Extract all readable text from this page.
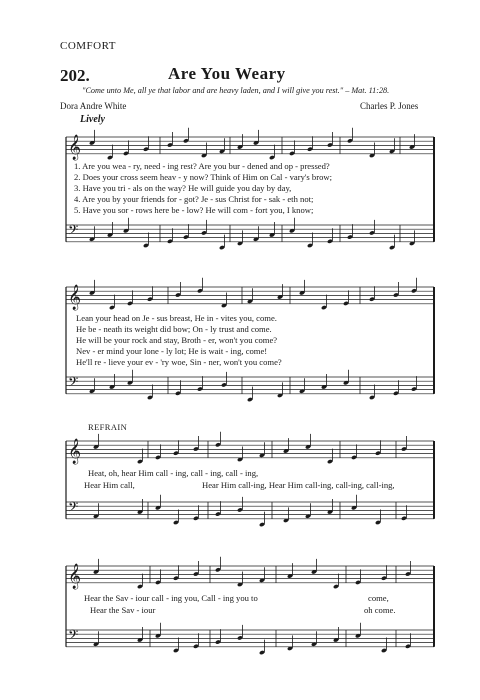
COMFORT
202.	Are You Weary
"Come unto Me, all ye that labor and are heavy laden, and I will give you rest." – Mat. 11:28.
Dora Andre White	Charles P. Jones
Lively
𝄞
𝄢
𝄞
𝄢
𝄞
𝄢
𝄞
𝄢
1. Are you wea - ry, need - ing rest? Are you bur - dened and op - pressed?
2. Does your cross seem heav - y now? Think of Him on Cal - vary's brow;
3. Have you tri - als on the way? He will guide you day by day,
4. Are you by your friends for - got? Je - sus Christ for - sak - eth not;
5. Have you sor - rows here be - low? He will com - fort you, I know;
Lean your head on Je - sus breast, He in - vites you, come.
He be - neath its weight did bow; On - ly trust and come.
He will be your rock and stay, Broth - er, won't you come?
Nev - er mind your lone - ly lot; He is wait - ing, come!
He'll re - lieve your ev - 'ry woe, Sin - ner, won't you come?
REFRAIN
Heat, oh, hear Him call - ing, call - ing, call - ing,
Hear Him call,	Hear Him call-ing, Hear Him call-ing, call-ing, call-ing,
Hear the Sav - iour call - ing you, Call - ing you to	come,
Hear the Sav - iour	oh come.
